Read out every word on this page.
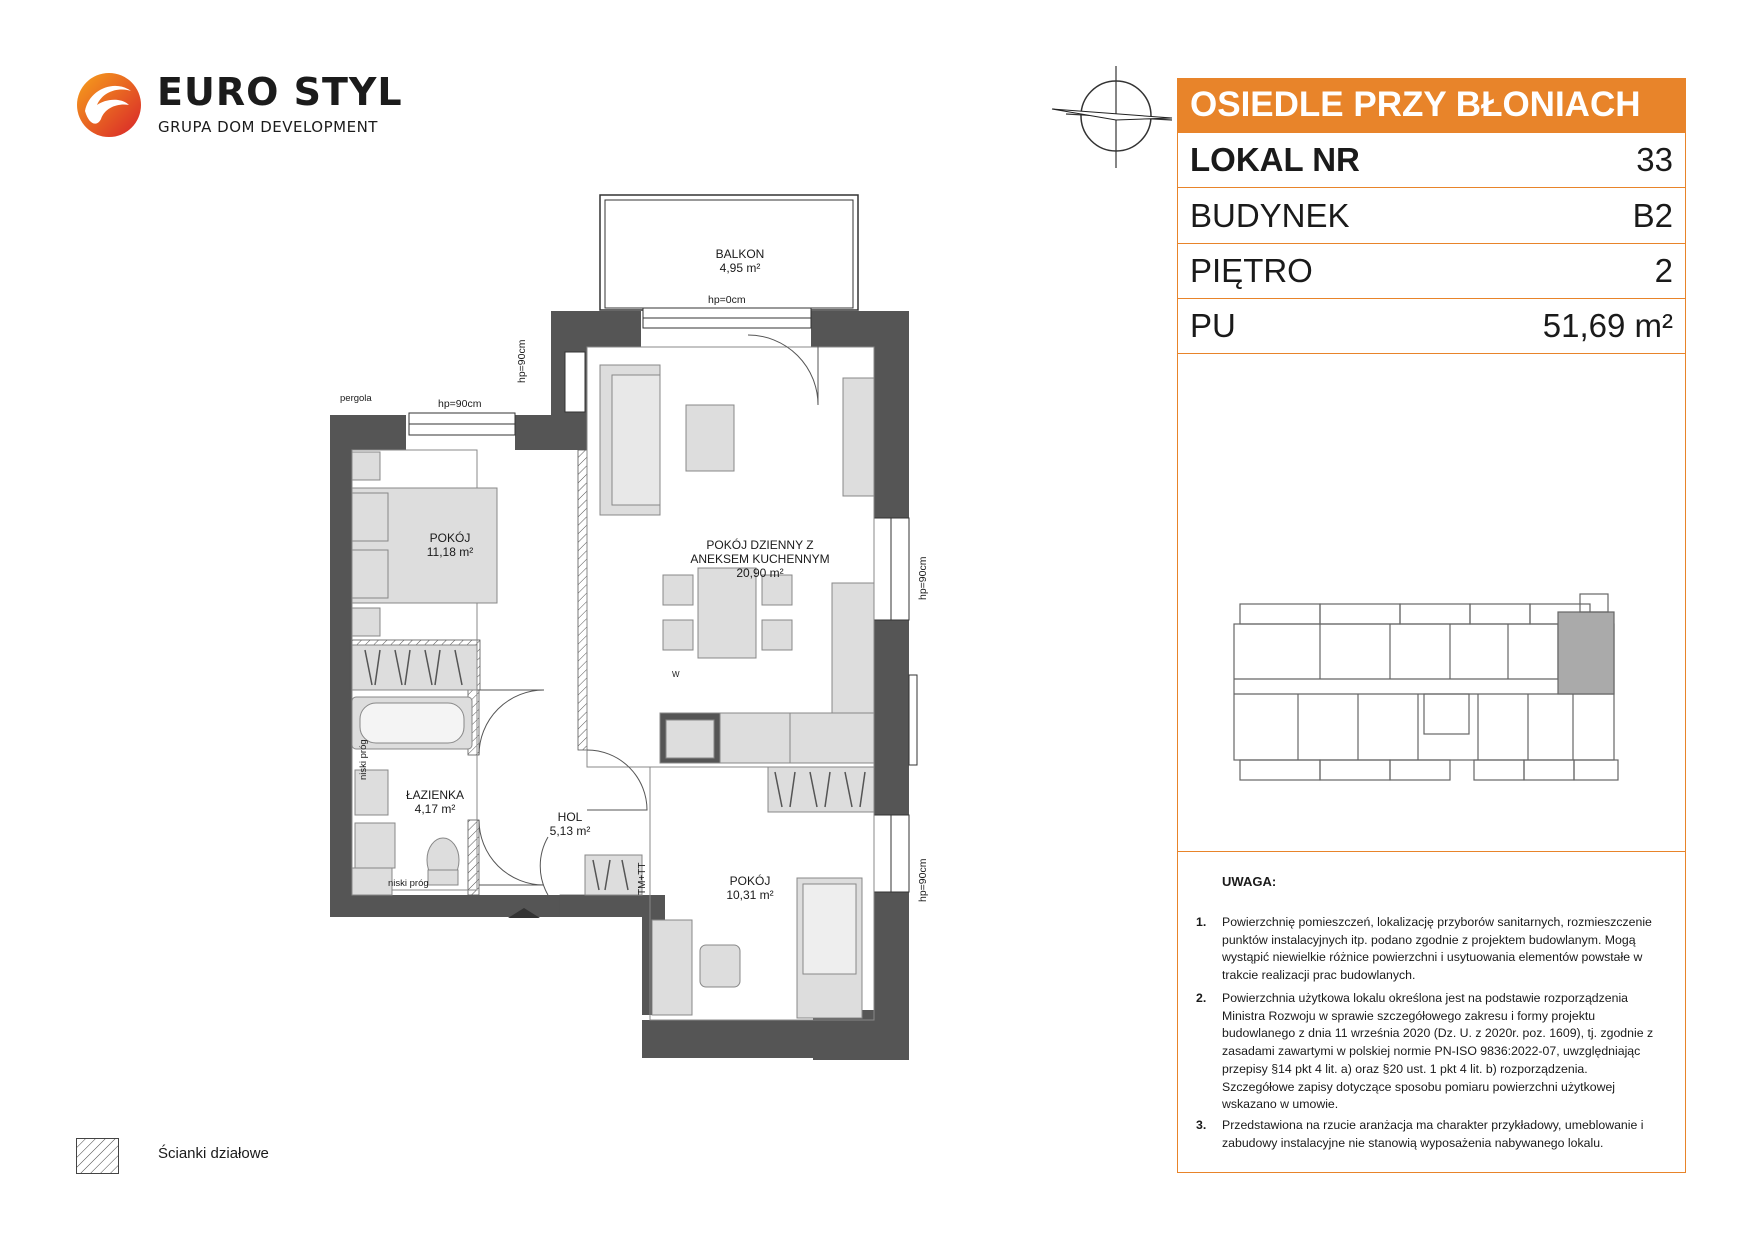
EURO STYL
GRUPA DOM DEVELOPMENT
BALKON
4,95 m²
POKÓJ
11,18 m²

	POKÓJ DZIENNY Z
ANEKSEM KUCHENNYM
20,90 m²

ŁAZIENKA
4,17 m²
HOL
5,13 m²
POKÓJ
10,31 m²
hp=0cm
hp=90cm
pergola
hp=90cm
hp=90cm
hp=90cm
niski próg
niski próg
TM+TT
W
OSIEDLE PRZY BŁONIACH
LOKAL NR	33
BUDYNEK	B2
PIĘTRO	2
PU	51,69 m²
UWAGA:
1. Powierzchnię pomieszczeń, lokalizację przyborów sanitarnych, rozmieszczenie punktów instalacyjnych itp. podano zgodnie z projektem budowlanym. Mogą wystąpić niewielkie różnice powierzchni i usytuowania elementów powstałe w trakcie realizacji prac budowlanych.
2. Powierzchnia użytkowa lokalu określona jest na podstawie rozporządzenia Ministra Rozwoju w sprawie szczegółowego zakresu i formy projektu budowlanego z dnia 11 września 2020 (Dz. U. z 2020r. poz. 1609), tj. zgodnie z zasadami zawartymi w polskiej normie PN-ISO 9836:2022-07, uwzględniając przepisy §14 pkt 4 lit. a) oraz §20 ust. 1 pkt 4 lit. b) rozporządzenia. Szczegółowe zapisy dotyczące sposobu pomiaru powierzchni użytkowej wskazano w umowie.
3. Przedstawiona na rzucie aranżacja ma charakter przykładowy, umeblowanie i zabudowy instalacyjne nie stanowią wyposażenia nabywanego lokalu.
Ścianki działowe
